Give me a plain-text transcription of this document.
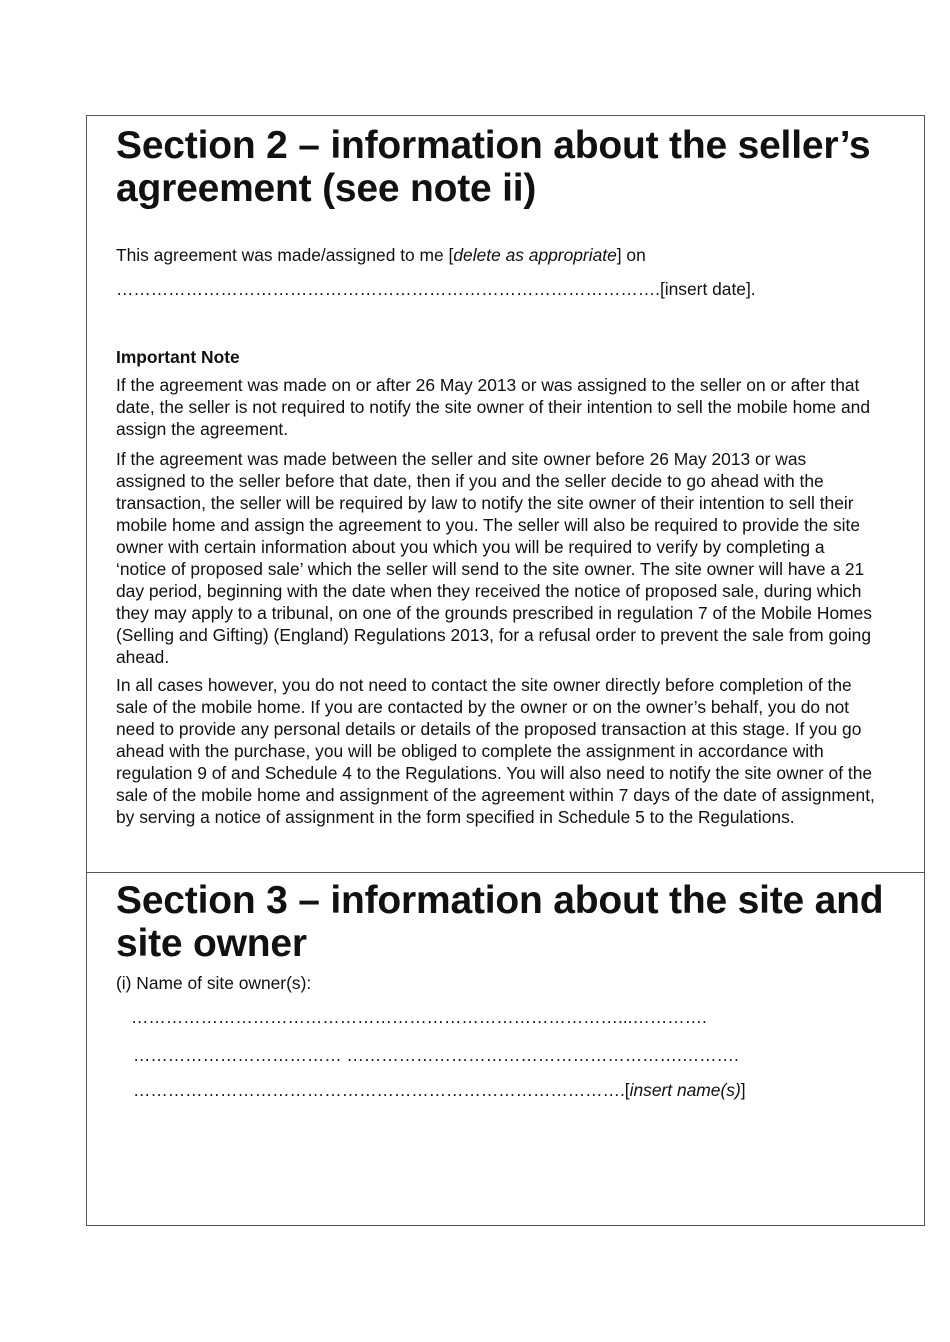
Section 2 – information about the seller’s agreement (see note ii)

This agreement was made/assigned to me [delete as appropriate] on

………………………………………………………………………………….[insert date].

Important Note

If the agreement was made on or after 26 May 2013 or was assigned to the seller on or after that date, the seller is not required to notify the site owner of their intention to sell the mobile home and assign the agreement.

If the agreement was made between the seller and site owner before 26 May 2013 or was assigned to the seller before that date, then if you and the seller decide to go ahead with the transaction, the seller will be required by law to notify the site owner of their intention to sell their mobile home and assign the agreement to you. The seller will also be required to provide the site owner with certain information about you which you will be required to verify by completing a ‘notice of proposed sale’ which the seller will send to the site owner. The site owner will have a 21 day period, beginning with the date when they received the notice of proposed sale, during which they may apply to a tribunal, on one of the grounds prescribed in regulation 7 of the Mobile Homes (Selling and Gifting) (England) Regulations 2013, for a refusal order to prevent the sale from going ahead.

In all cases however, you do not need to contact the site owner directly before completion of the sale of the mobile home. If you are contacted by the owner or on the owner’s behalf, you do not need to provide any personal details or details of the proposed transaction at this stage. If you go ahead with the purchase, you will be obliged to complete the assignment in accordance with regulation 9 of and Schedule 4 to the Regulations. You will also need to notify the site owner of the sale of the mobile home and assignment of the agreement within 7 days of the date of assignment, by serving a notice of assignment in the form specified in Schedule 5 to the Regulations.

Section 3 – information about the site and site owner

(i) Name of site owner(s):

…………………………………………………………………………...………….

……………………………… ………………………………………………….……….

………………………………………………………………………….[insert name(s)]
